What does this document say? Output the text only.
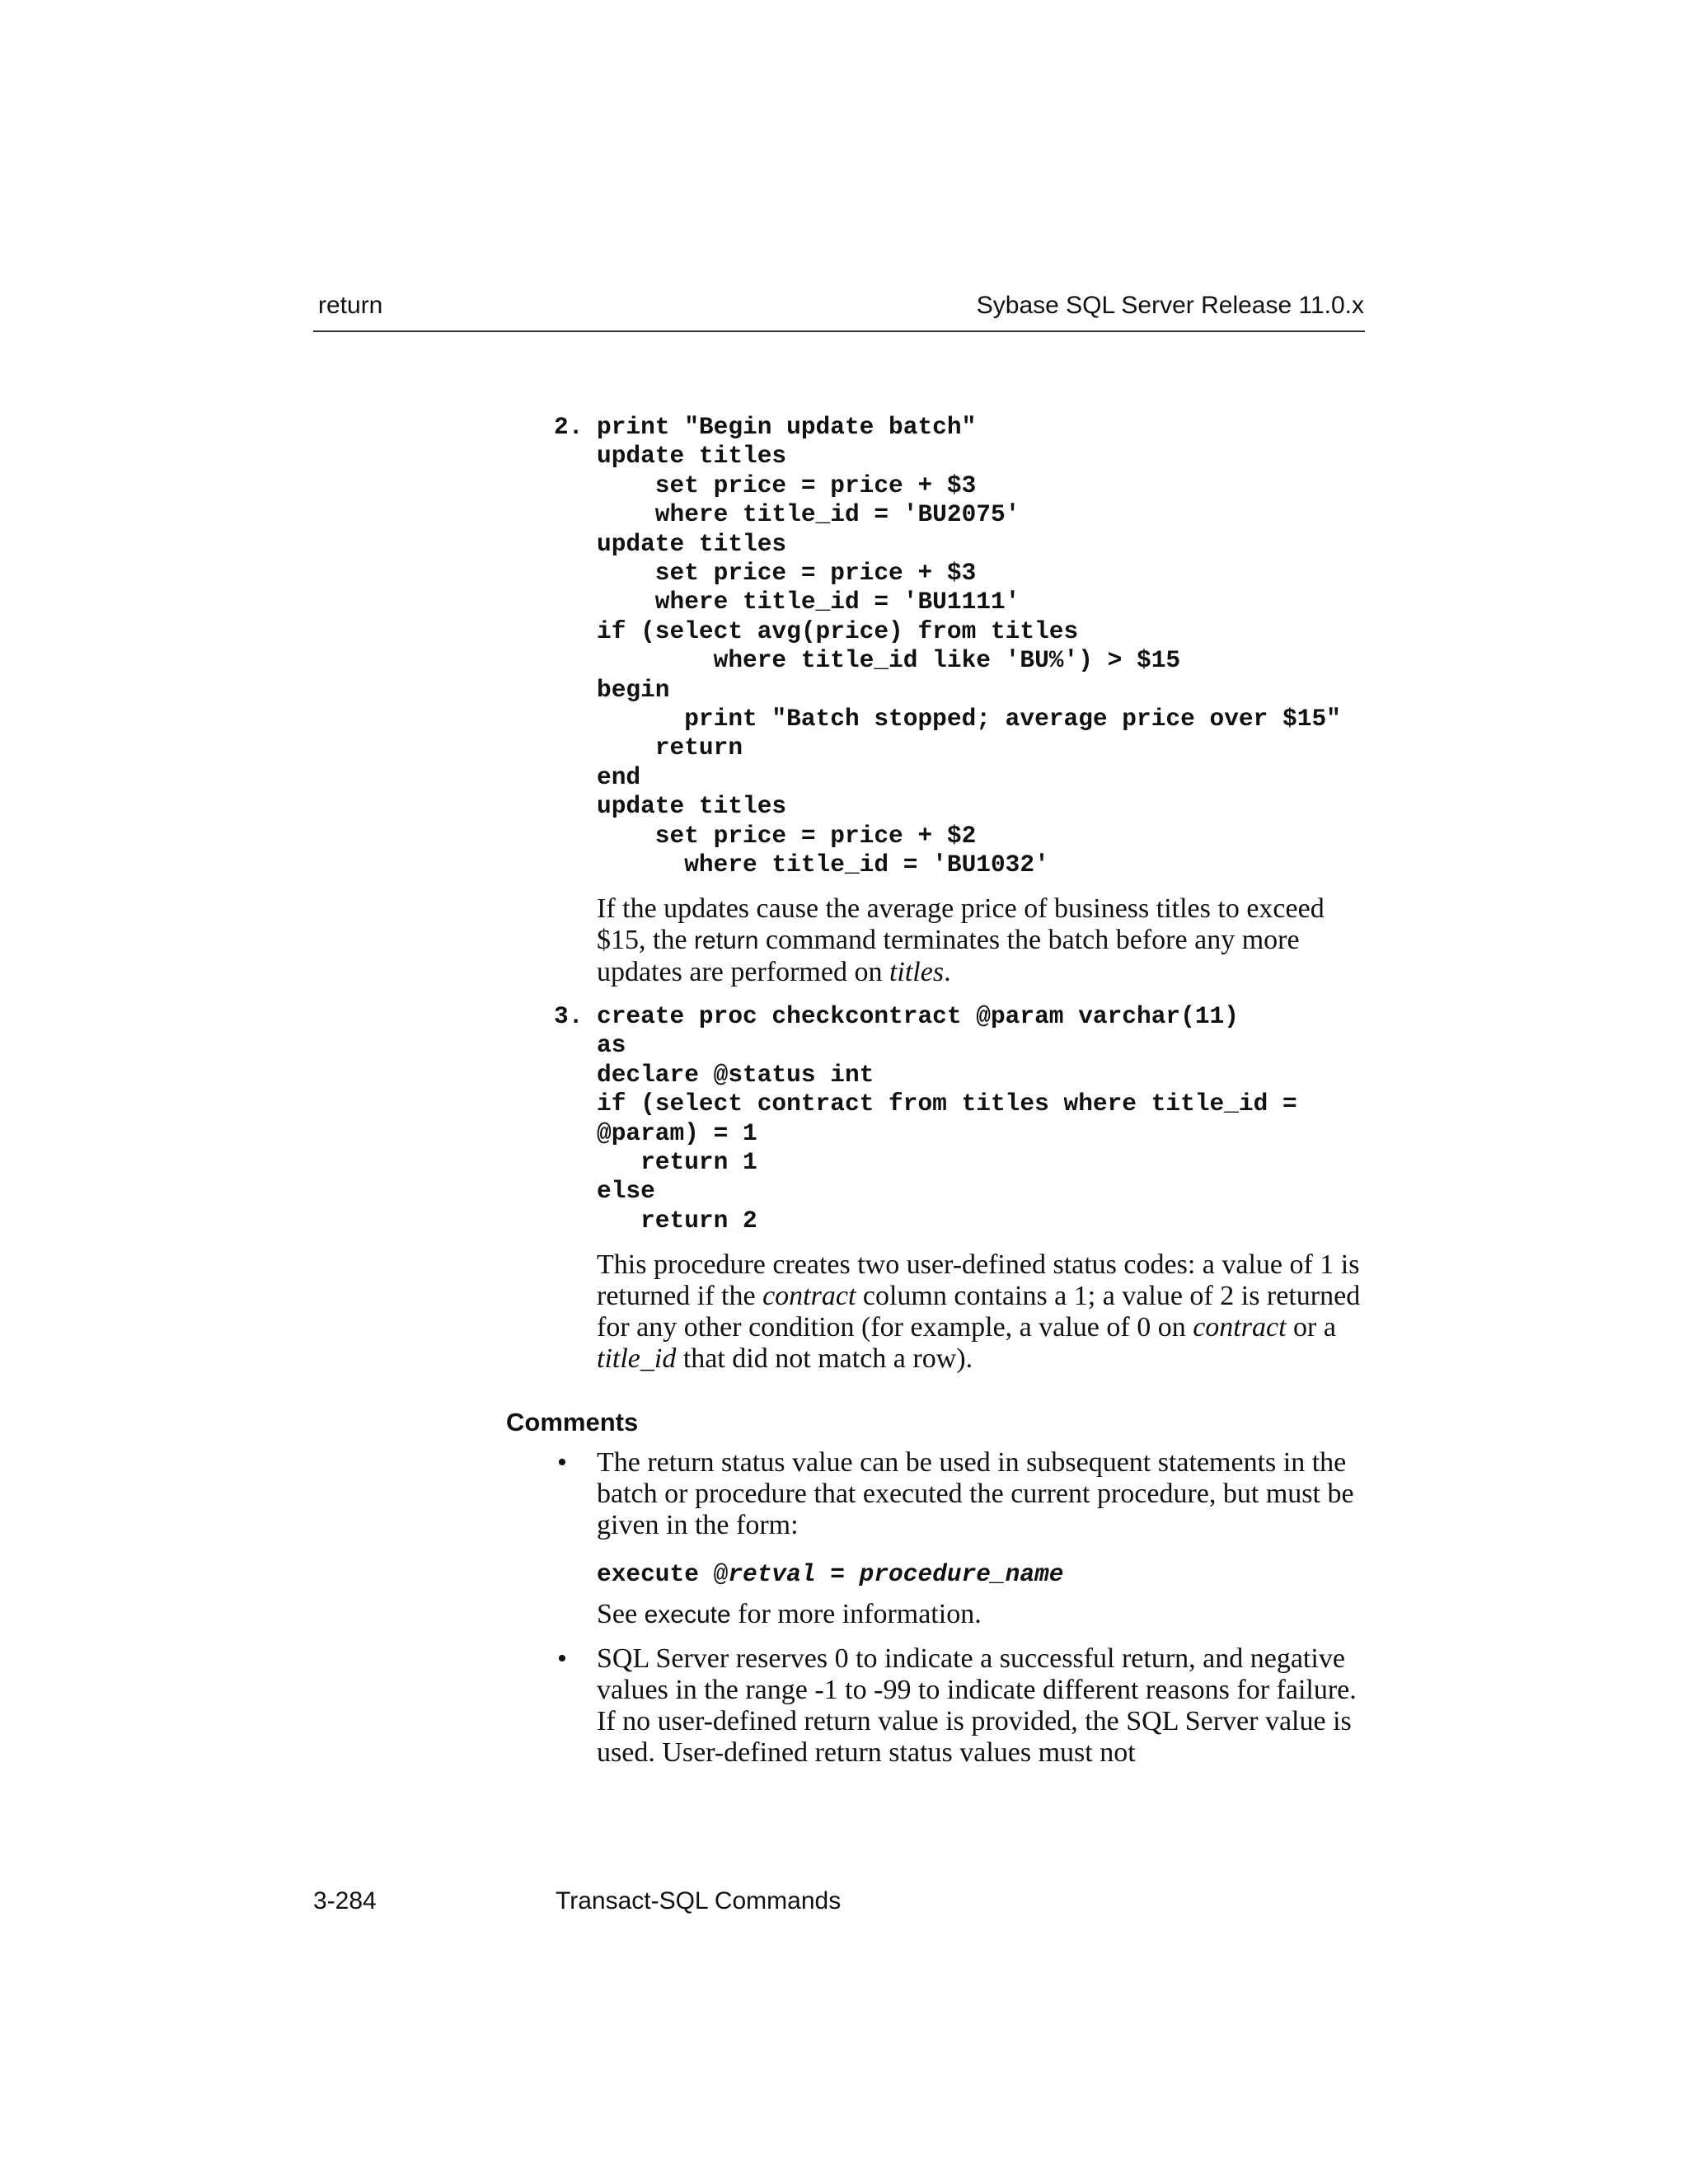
return	Sybase SQL Server Release 11.0.x
2. print "Begin update batch"
update titles
set price = price + $3
where title_id = 'BU2075'
update titles
set price = price + $3
where title_id = 'BU1111'
if (select avg(price) from titles
where title_id like 'BU%') > $15
begin
print "Batch stopped; average price over $15"
return
end
update titles
set price = price + $2
where title_id = 'BU1032'

If the updates cause the average price of business titles to exceed $15, the return command terminates the batch before any more updates are performed on titles.

3. create proc checkcontract @param varchar(11)
as
declare @status int
if (select contract from titles where title_id =
@param) = 1
return 1
else
return 2

This procedure creates two user-defined status codes: a value of 1 is returned if the contract column contains a 1; a value of 2 is returned for any other condition (for example, a value of 0 on contract or a title_id that did not match a row).

Comments
• The return status value can be used in subsequent statements in the batch or procedure that executed the current procedure, but must be given in the form:

execute @retval = procedure_name

See execute for more information.

• SQL Server reserves 0 to indicate a successful return, and negative values in the range -1 to -99 to indicate different reasons for failure. If no user-defined return value is provided, the SQL Server value is used. User-defined return status values must not

3-284	Transact-SQL Commands
